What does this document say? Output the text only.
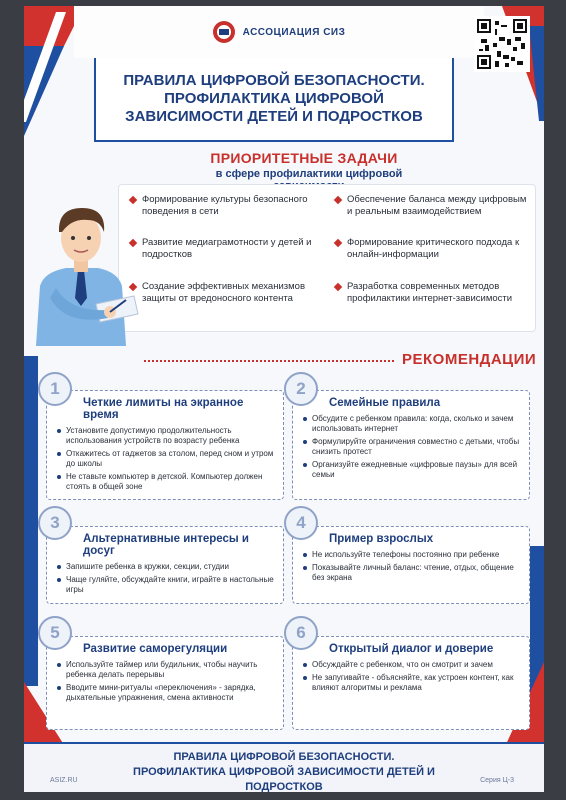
АССОЦИАЦИЯ СИЗ
ПРАВИЛА ЦИФРОВОЙ БЕЗОПАСНОСТИ. ПРОФИЛАКТИКА ЦИФРОВОЙ ЗАВИСИМОСТИ ДЕТЕЙ И ПОДРОСТКОВ
ПРИОРИТЕТНЫЕ ЗАДАЧИ
в сфере профилактики цифровой
Формирование культуры безопасного поведения в сети
Обеспечение баланса между цифровым и реальным взаимодействием
Развитие медиаграмотности у детей и подростков
Формирование критического подхода к онлайн-информации
Создание эффективных механизмов защиты от вредоносного контента
Разработка современных методов профилактики интернет-зависимости
РЕКОМЕНДАЦИИ
Четкие лимиты на экранное время
Установите допустимую продолжительность использования устройств по возрасту ребенка
Откажитесь от гаджетов за столом, перед сном и утром до школы
Не ставьте компьютер в детской. Компьютер должен стоять в общей зоне
1
Семейные правила
Обсудите с ребенком правила: когда, сколько и зачем использовать интернет
Формулируйте ограничения совместно с детьми, чтобы снизить протест
Организуйте ежедневные «цифровые паузы» для всей семьи
2
Альтернативные интересы и досуг
Запишите ребенка в кружки, секции, студии
Чаще гуляйте, обсуждайте книги, играйте в настольные игры
3
Пример взрослых
Не используйте телефоны постоянно при ребенке
Показывайте личный баланс: чтение, отдых, общение без экрана
4
Развитие саморегуляции
Используйте таймер или будильник, чтобы научить ребенка делать перерывы
Вводите мини-ритуалы «переключения» - зарядка, дыхательные упражнения, смена активности
5
Открытый диалог и доверие
Обсуждайте с ребенком, что он смотрит и зачем
Не запугивайте - объясняйте, как устроен контент, как влияют алгоритмы и реклама
6
ПРАВИЛА ЦИФРОВОЙ БЕЗОПАСНОСТИ.
ПРОФИЛАКТИКА ЦИФРОВОЙ ЗАВИСИМОСТИ ДЕТЕЙ И ПОДРОСТКОВ
ASIZ.RU	Серия Ц-3
